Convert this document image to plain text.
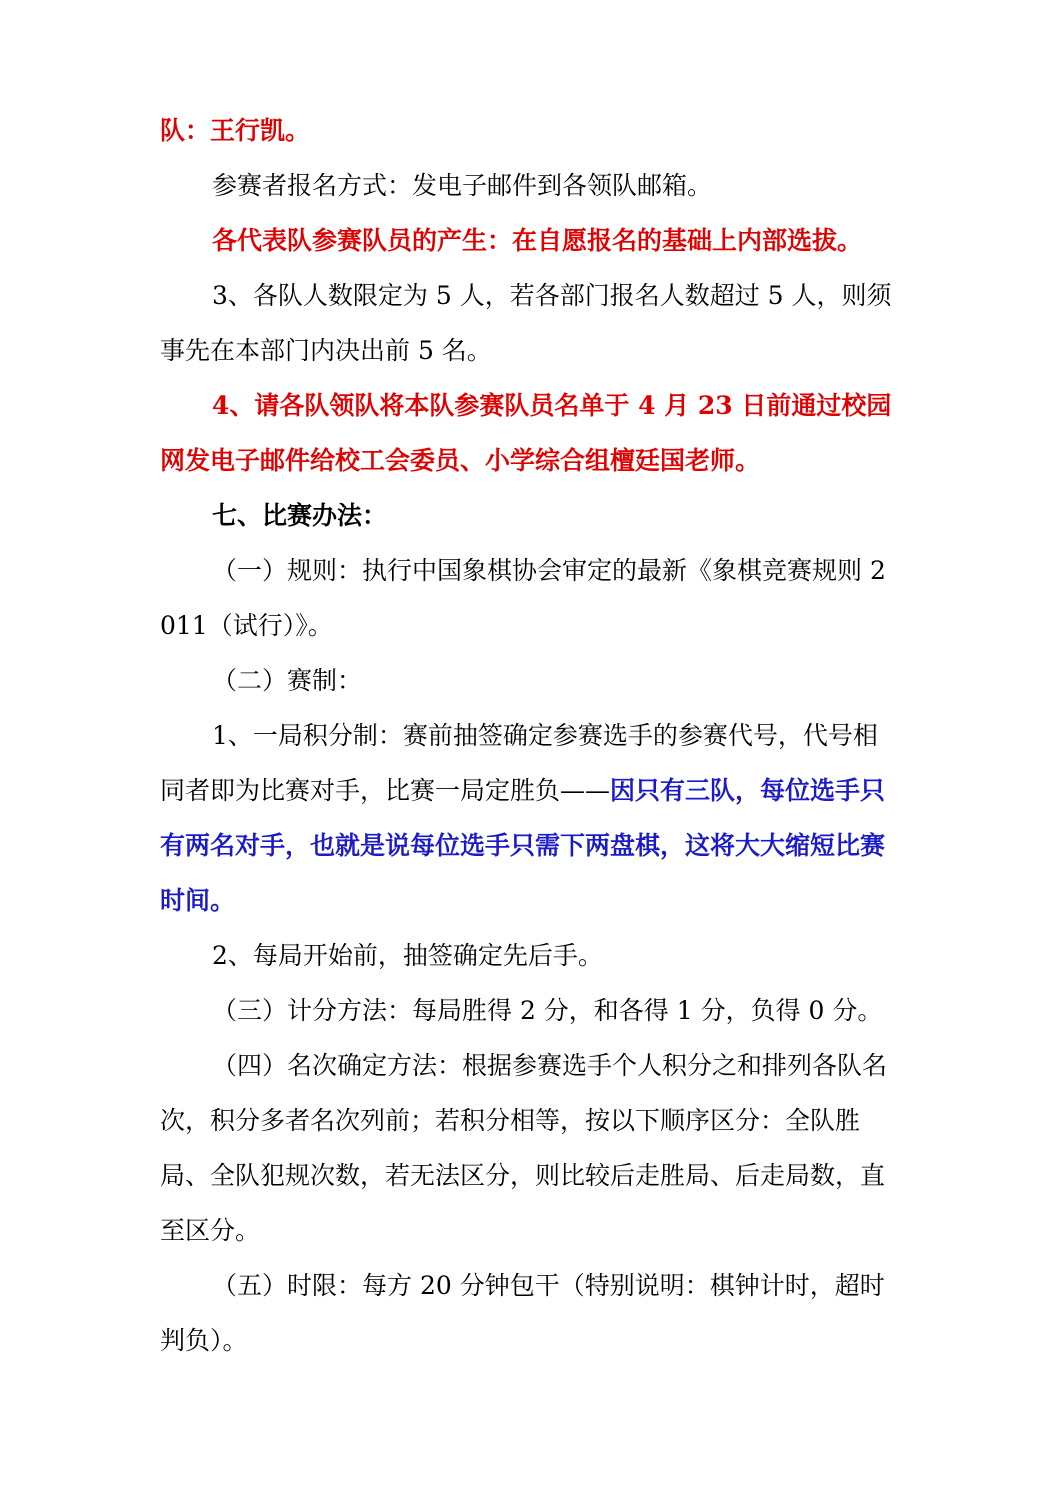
队：王行凯。

参赛者报名方式：发电子邮件到各领队邮箱。

各代表队参赛队员的产生：在自愿报名的基础上内部选拔。

3、各队人数限定为 5 人，若各部门报名人数超过 5 人，则须事先在本部门内决出前 5 名。

4、请各队领队将本队参赛队员名单于 4 月 23 日前通过校园网发电子邮件给校工会委员、小学综合组檀廷国老师。

七、比赛办法：

（一）规则：执行中国象棋协会审定的最新《象棋竞赛规则 2011（试行）》。

（二）赛制：

1、一局积分制：赛前抽签确定参赛选手的参赛代号，代号相同者即为比赛对手，比赛一局定胜负——因只有三队，每位选手只有两名对手，也就是说每位选手只需下两盘棋，这将大大缩短比赛时间。

2、每局开始前，抽签确定先后手。

（三）计分方法：每局胜得 2 分，和各得 1 分，负得 0 分。

（四）名次确定方法：根据参赛选手个人积分之和排列各队名次，积分多者名次列前；若积分相等，按以下顺序区分：全队胜局、全队犯规次数，若无法区分，则比较后走胜局、后走局数，直至区分。

（五）时限：每方 20 分钟包干（特别说明：棋钟计时，超时判负）。
